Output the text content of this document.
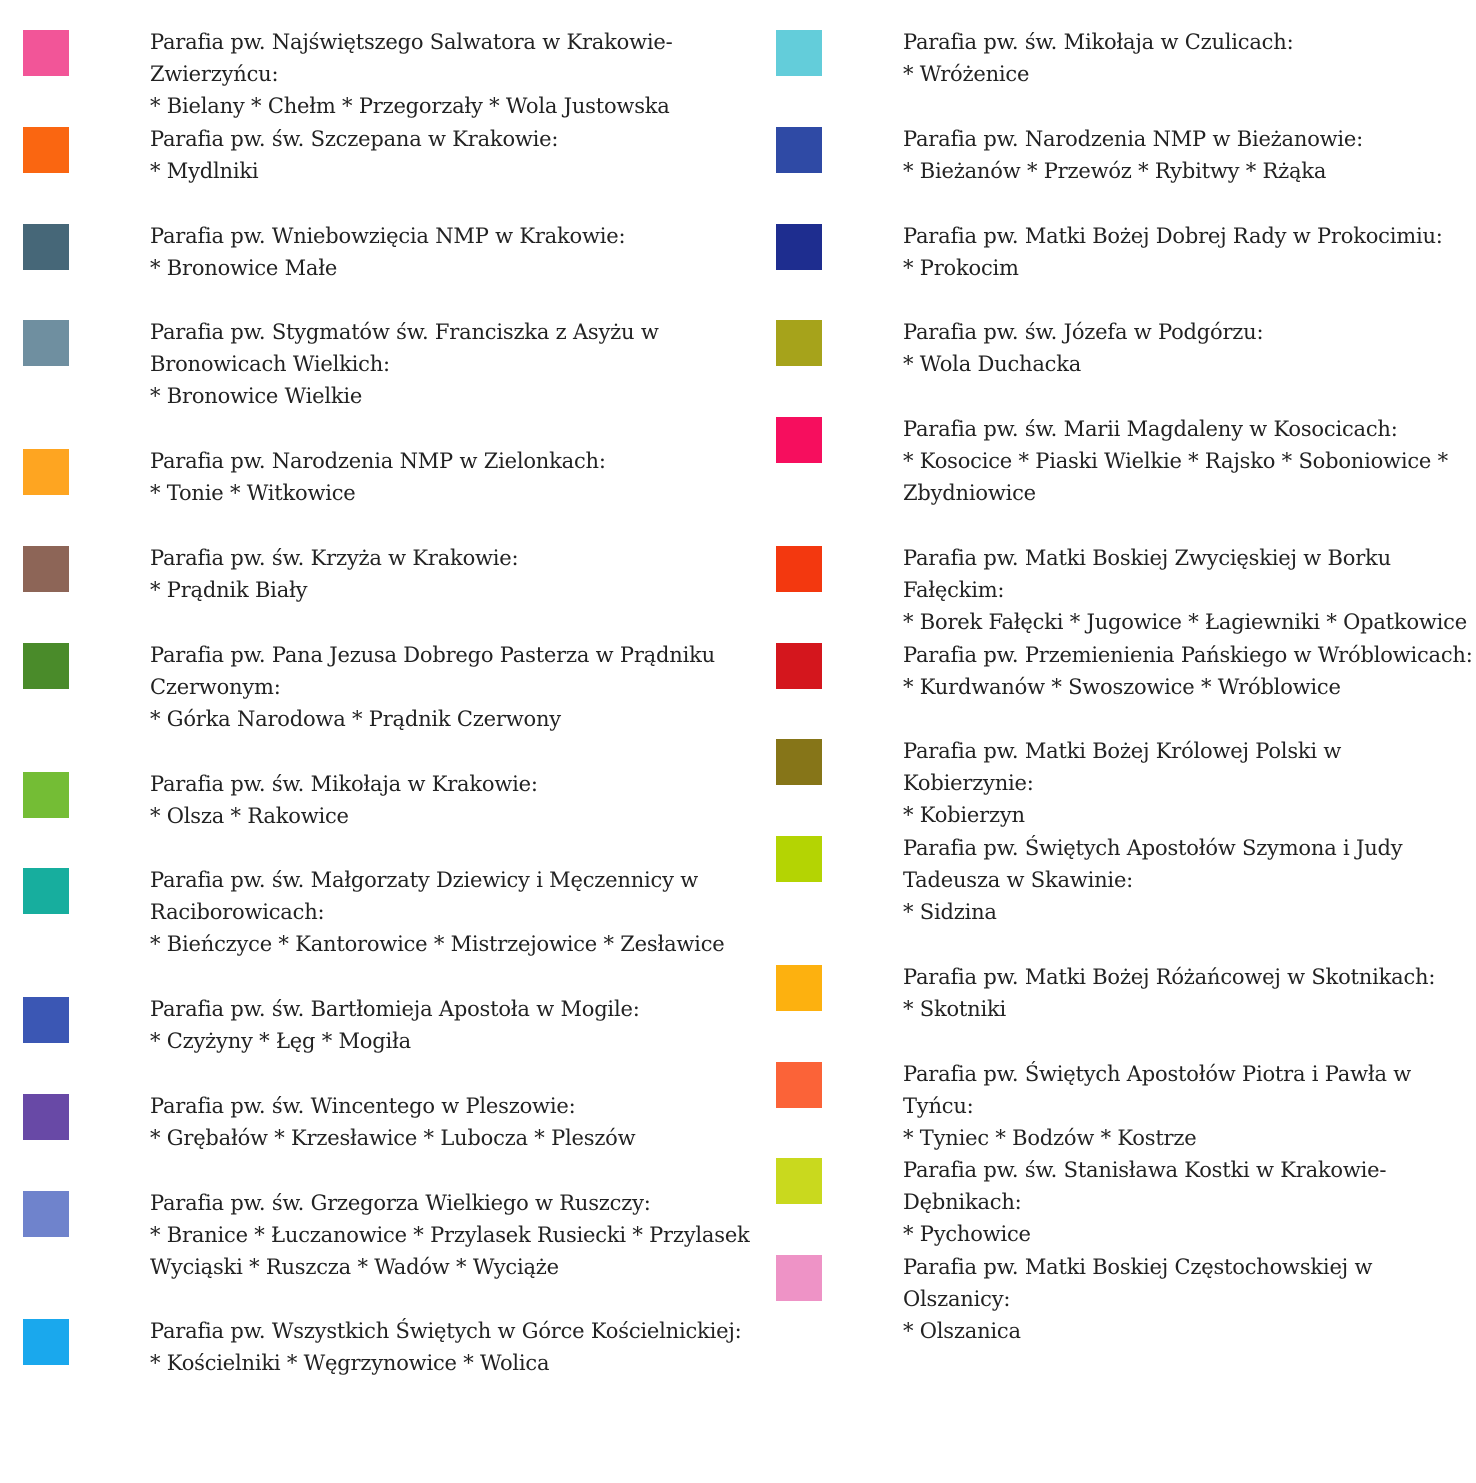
Parafia pw. Najświętszego Salwatora w Krakowie-Zwierzyńcu:
* Bielany * Chełm * Przegorzały * Wola Justowska
Parafia pw. św. Szczepana w Krakowie:
* Mydlniki
Parafia pw. Wniebowzięcia NMP w Krakowie:
* Bronowice Małe
Parafia pw. Stygmatów św. Franciszka z Asyżu w Bronowicach Wielkich:
* Bronowice Wielkie
Parafia pw. Narodzenia NMP w Zielonkach:
* Tonie * Witkowice
Parafia pw. św. Krzyża w Krakowie:
* Prądnik Biały
Parafia pw. Pana Jezusa Dobrego Pasterza w Prądniku Czerwonym:
* Górka Narodowa * Prądnik Czerwony
Parafia pw. św. Mikołaja w Krakowie:
* Olsza * Rakowice
Parafia pw. św. Małgorzaty Dziewicy i Męczennicy w Raciborowicach:
* Bieńczyce * Kantorowice * Mistrzejowice * Zesławice
Parafia pw. św. Bartłomieja Apostoła w Mogile:
* Czyżyny * Łęg * Mogiła
Parafia pw. św. Wincentego w Pleszowie:
* Grębałów * Krzesławice * Lubocza * Pleszów
Parafia pw. św. Grzegorza Wielkiego w Ruszczy:
* Branice * Łuczanowice * Przylasek Rusiecki * Przylasek Wyciąski * Ruszcza * Wadów * Wyciąże
Parafia pw. Wszystkich Świętych w Górce Kościelnickiej:
* Kościelniki * Węgrzynowice * Wolica
Parafia pw. św. Mikołaja w Czulicach:
* Wróżenice
Parafia pw. Narodzenia NMP w Bieżanowie:
* Bieżanów * Przewóz * Rybitwy * Rżąka
Parafia pw. Matki Bożej Dobrej Rady w Prokocimiu:
* Prokocim
Parafia pw. św. Józefa w Podgórzu:
* Wola Duchacka
Parafia pw. św. Marii Magdaleny w Kosocicach:
* Kosocice * Piaski Wielkie * Rajsko * Soboniowice * Zbydniowice
Parafia pw. Matki Boskiej Zwycięskiej w Borku Fałęckim:
* Borek Fałęcki * Jugowice * Łagiewniki * Opatkowice
Parafia pw. Przemienienia Pańskiego w Wróblowicach:
* Kurdwanów * Swoszowice * Wróblowice
Parafia pw. Matki Bożej Królowej Polski w Kobierzynie:
* Kobierzyn
Parafia pw. Świętych Apostołów Szymona i Judy Tadeusza w Skawinie:
* Sidzina
Parafia pw. Matki Bożej Różańcowej w Skotnikach:
* Skotniki
Parafia pw. Świętych Apostołów Piotra i Pawła w Tyńcu:
* Tyniec * Bodzów * Kostrze
Parafia pw. św. Stanisława Kostki w Krakowie-Dębnikach:
* Pychowice
Parafia pw. Matki Boskiej Częstochowskiej w Olszanicy:
* Olszanica
